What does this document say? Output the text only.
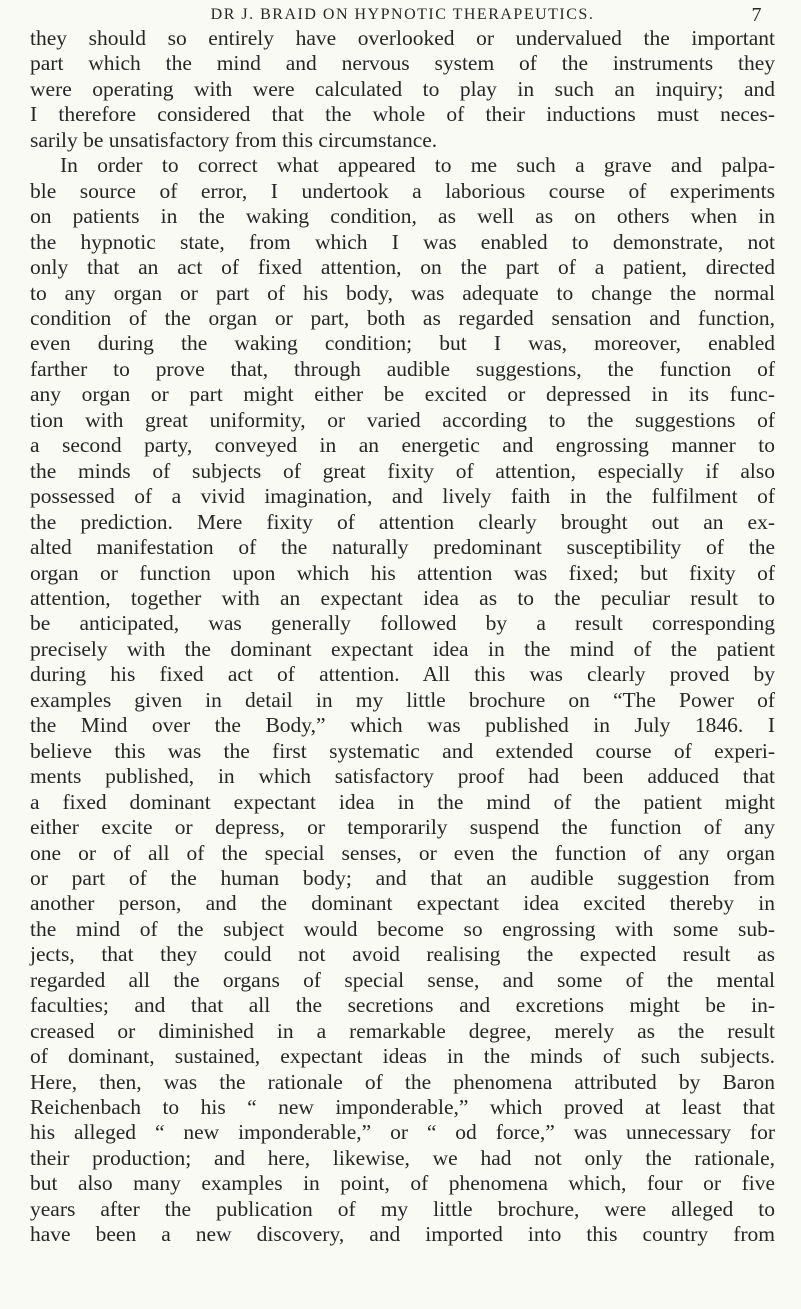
DR J. BRAID ON HYPNOTIC THERAPEUTICS.	7
they should so entirely have overlooked or undervalued the important
part which the mind and nervous system of the instruments they
were operating with were calculated to play in such an inquiry; and
I therefore considered that the whole of their inductions must neces-
sarily be unsatisfactory from this circumstance.
In order to correct what appeared to me such a grave and palpa-
ble source of error, I undertook a laborious course of experiments
on patients in the waking condition, as well as on others when in
the hypnotic state, from which I was enabled to demonstrate, not
only that an act of fixed attention, on the part of a patient, directed
to any organ or part of his body, was adequate to change the normal
condition of the organ or part, both as regarded sensation and function,
even during the waking condition; but I was, moreover, enabled
farther to prove that, through audible suggestions, the function of
any organ or part might either be excited or depressed in its func-
tion with great uniformity, or varied according to the suggestions of
a second party, conveyed in an energetic and engrossing manner to
the minds of subjects of great fixity of attention, especially if also
possessed of a vivid imagination, and lively faith in the fulfilment of
the prediction. Mere fixity of attention clearly brought out an ex-
alted manifestation of the naturally predominant susceptibility of the
organ or function upon which his attention was fixed; but fixity of
attention, together with an expectant idea as to the peculiar result to
be anticipated, was generally followed by a result corresponding
precisely with the dominant expectant idea in the mind of the patient
during his fixed act of attention. All this was clearly proved by
examples given in detail in my little brochure on “The Power of
the Mind over the Body,” which was published in July 1846. I
believe this was the first systematic and extended course of experi-
ments published, in which satisfactory proof had been adduced that
a fixed dominant expectant idea in the mind of the patient might
either excite or depress, or temporarily suspend the function of any
one or of all of the special senses, or even the function of any organ
or part of the human body; and that an audible suggestion from
another person, and the dominant expectant idea excited thereby in
the mind of the subject would become so engrossing with some sub-
jects, that they could not avoid realising the expected result as
regarded all the organs of special sense, and some of the mental
faculties; and that all the secretions and excretions might be in-
creased or diminished in a remarkable degree, merely as the result
of dominant, sustained, expectant ideas in the minds of such subjects.
Here, then, was the rationale of the phenomena attributed by Baron
Reichenbach to his “ new imponderable,” which proved at least that
his alleged “ new imponderable,” or “ od force,” was unnecessary for
their production; and here, likewise, we had not only the rationale,
but also many examples in point, of phenomena which, four or five
years after the publication of my little brochure, were alleged to
have been a new discovery, and imported into this country from
